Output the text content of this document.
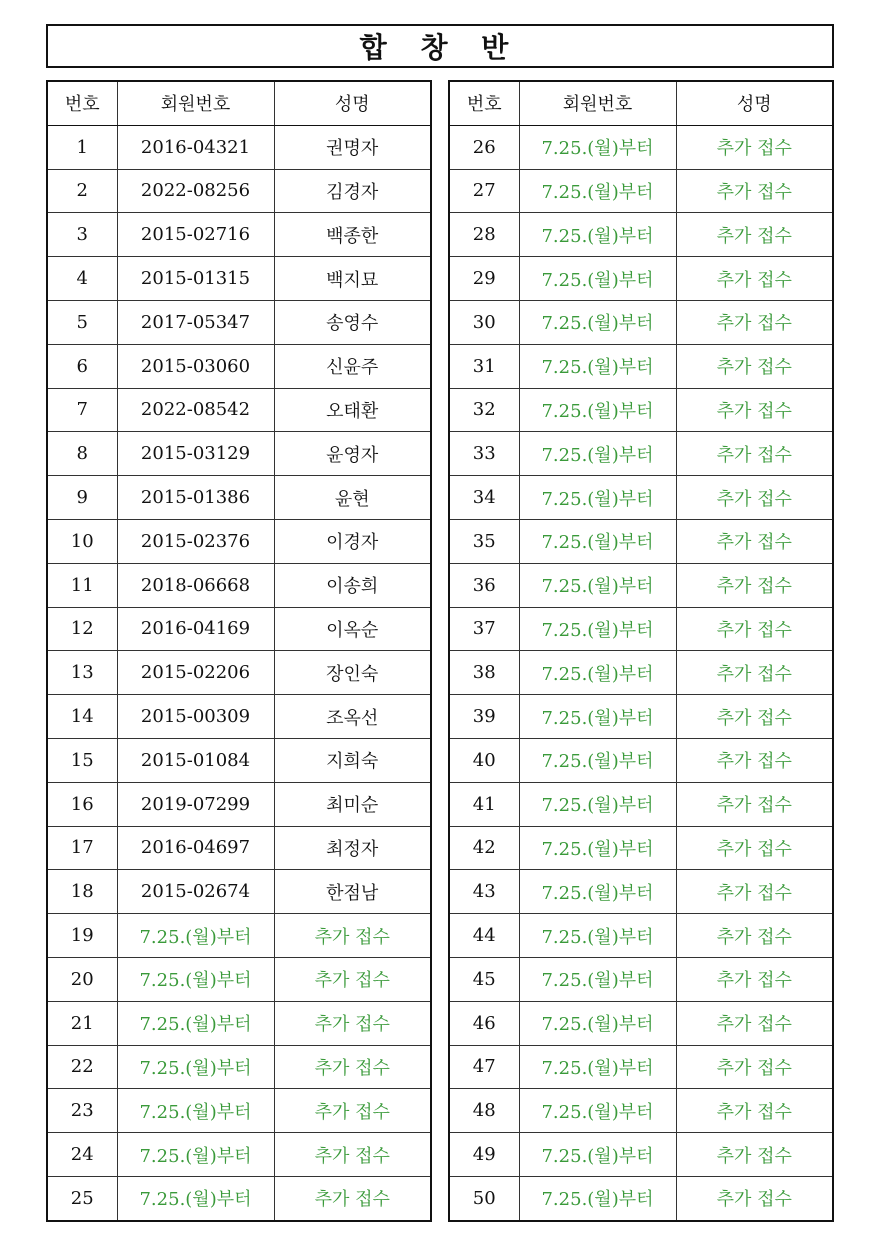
합 창 반
번호	회원번호	성명
1	2016-04321	권명자
2	2022-08256	김경자
3	2015-02716	백종한
4	2015-01315	백지묘
5	2017-05347	송영수
6	2015-03060	신윤주
7	2022-08542	오태환
8	2015-03129	윤영자
9	2015-01386	윤현
10	2015-02376	이경자
11	2018-06668	이송희
12	2016-04169	이옥순
13	2015-02206	장인숙
14	2015-00309	조옥선
15	2015-01084	지희숙
16	2019-07299	최미순
17	2016-04697	최정자
18	2015-02674	한점남
19	7.25.(월)부터	추가 접수
20	7.25.(월)부터	추가 접수
21	7.25.(월)부터	추가 접수
22	7.25.(월)부터	추가 접수
23	7.25.(월)부터	추가 접수
24	7.25.(월)부터	추가 접수
25	7.25.(월)부터	추가 접수
번호	회원번호	성명
26	7.25.(월)부터	추가 접수
27	7.25.(월)부터	추가 접수
28	7.25.(월)부터	추가 접수
29	7.25.(월)부터	추가 접수
30	7.25.(월)부터	추가 접수
31	7.25.(월)부터	추가 접수
32	7.25.(월)부터	추가 접수
33	7.25.(월)부터	추가 접수
34	7.25.(월)부터	추가 접수
35	7.25.(월)부터	추가 접수
36	7.25.(월)부터	추가 접수
37	7.25.(월)부터	추가 접수
38	7.25.(월)부터	추가 접수
39	7.25.(월)부터	추가 접수
40	7.25.(월)부터	추가 접수
41	7.25.(월)부터	추가 접수
42	7.25.(월)부터	추가 접수
43	7.25.(월)부터	추가 접수
44	7.25.(월)부터	추가 접수
45	7.25.(월)부터	추가 접수
46	7.25.(월)부터	추가 접수
47	7.25.(월)부터	추가 접수
48	7.25.(월)부터	추가 접수
49	7.25.(월)부터	추가 접수
50	7.25.(월)부터	추가 접수
